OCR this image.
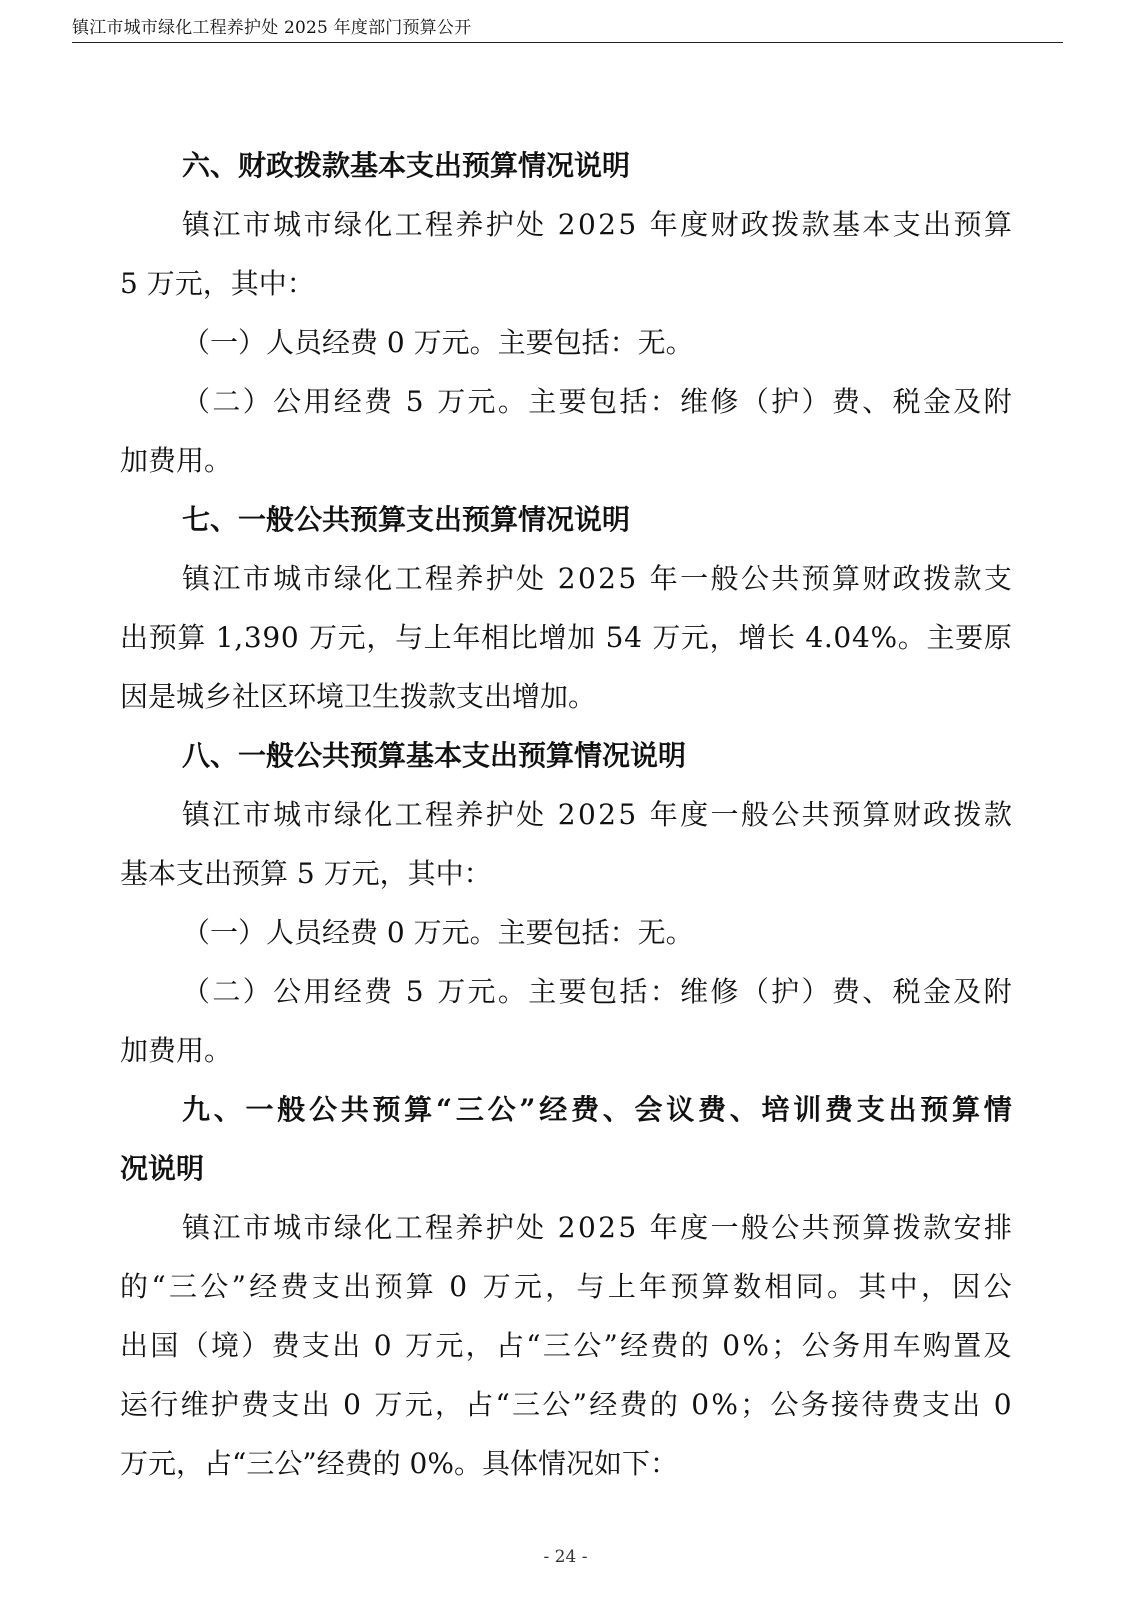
镇江市城市绿化工程养护处 2025 年度部门预算公开
六、财政拨款基本支出预算情况说明
镇 江 市 城 市 绿 化 工 程 养 护 处
2 0 2 5
年 度 财 政 拨 款 基 本 支 出 预 算
5 万元，其中：
（一）人员经费 0 万元。主要包括：无。
（ 二 ） 公 用 经 费
5
万 元 。 主 要 包 括 ： 维 修 （ 护 ） 费 、 税 金 及 附
加费用。
七、一般公共预算支出预算情况说明
镇 江 市 城 市 绿 化 工 程 养 护 处
2 0 2 5
年 一 般 公 共 预 算 财 政 拨 款 支
出 预 算
1 , 3 9 0
万 元 ， 与 上 年 相 比 增 加
5 4
万 元 ， 增 长
4 . 0 4 % 。 主 要 原
因是城乡社区环境卫生拨款支出增加。
八、一般公共预算基本支出预算情况说明
镇 江 市 城 市 绿 化 工 程 养 护 处
2 0 2 5
年 度 一 般 公 共 预 算 财 政 拨 款
基本支出预算 5 万元，其中：
（一）人员经费 0 万元。主要包括：无。
（ 二 ） 公 用 经 费
5
万 元 。 主 要 包 括 ： 维 修 （ 护 ） 费 、 税 金 及 附
加费用。
九 、 一 般 公 共 预 算 “ 三 公 ” 经 费 、 会 议 费 、 培 训 费 支 出 预 算 情
况说明
镇 江 市 城 市 绿 化 工 程 养 护 处
2 0 2 5
年 度 一 般 公 共 预 算 拨 款 安 排
的 “ 三 公 ” 经 费 支 出 预 算
0
万 元 ， 与 上 年 预 算 数 相 同 。 其 中 ， 因 公
出 国 （ 境 ） 费 支 出
0
万 元 ， 占 “ 三 公 ” 经 费 的
0 % ； 公 务 用 车 购 置 及
运 行 维 护 费 支 出
0
万 元 ， 占 “ 三 公 ” 经 费 的
0 % ； 公 务 接 待 费 支 出
0
万元，占“三公”经费的 0%。具体情况如下：
- 24 -
